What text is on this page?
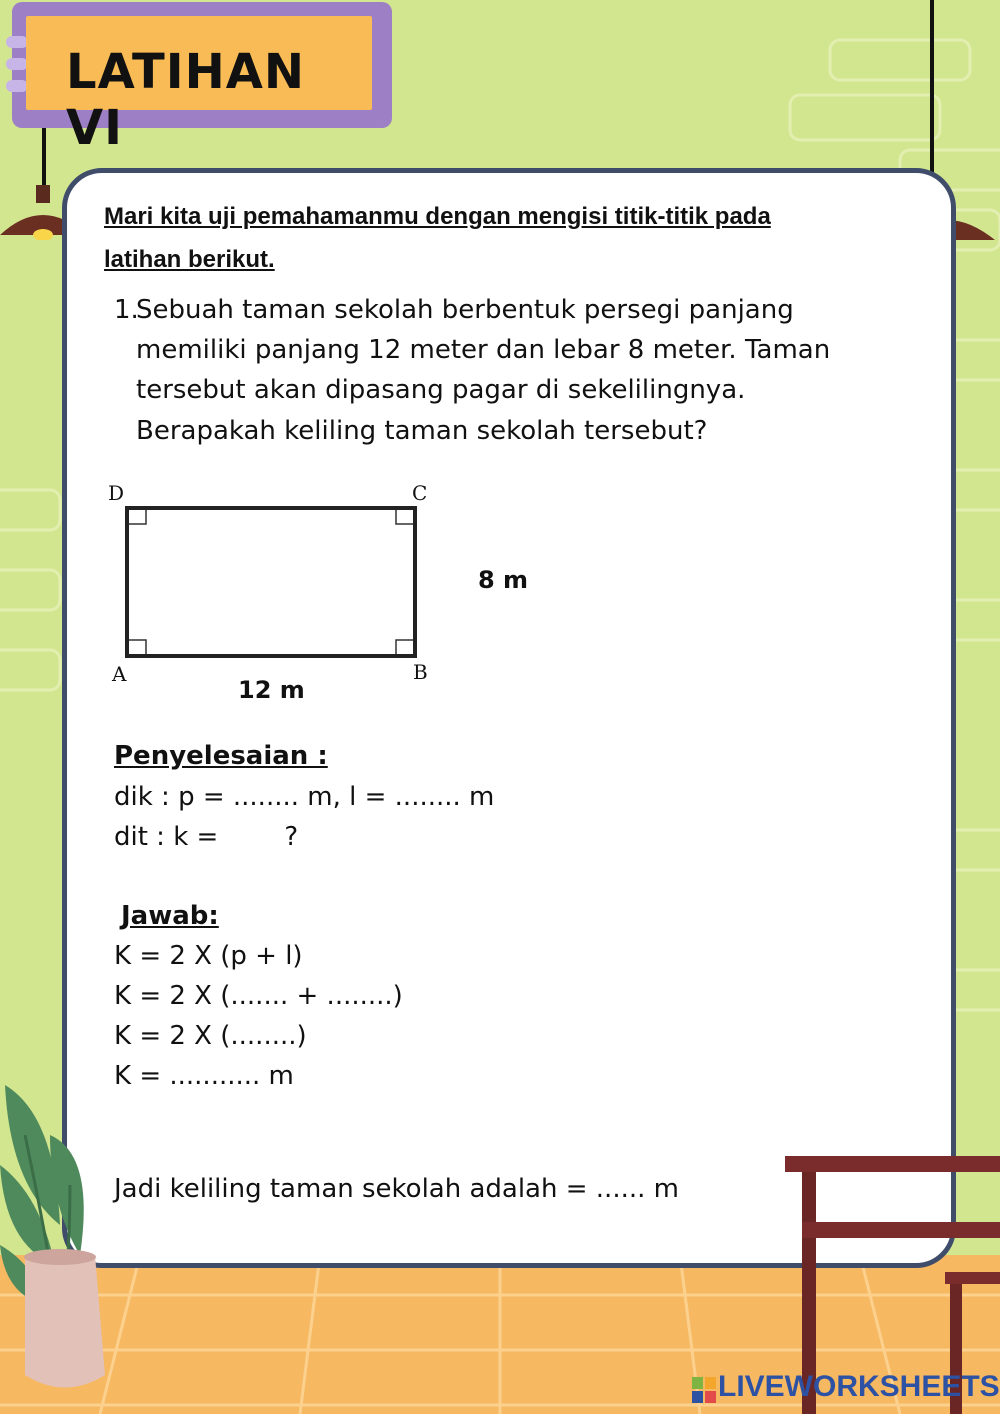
LATIHAN VI
Mari kita uji pemahamanmu dengan mengisi titik-titik pada
latihan berikut.
1.
Sebuah taman sekolah berbentuk persegi panjang
memiliki panjang 12 meter dan lebar 8 meter. Taman
tersebut akan dipasang pagar di sekelilingnya.
Berapakah keliling taman sekolah tersebut?
D	C
A	B
12 m
8 m
Penyelesaian :
dik : p = ........ m, l = ........ m
dit : k =        ?
Jawab:
K = 2 X (p + l)
K = 2 X (....... + ........)
K = 2 X (........)
K = ........... m
Jadi keliling taman sekolah adalah = ...... m
LIVEWORKSHEETS
